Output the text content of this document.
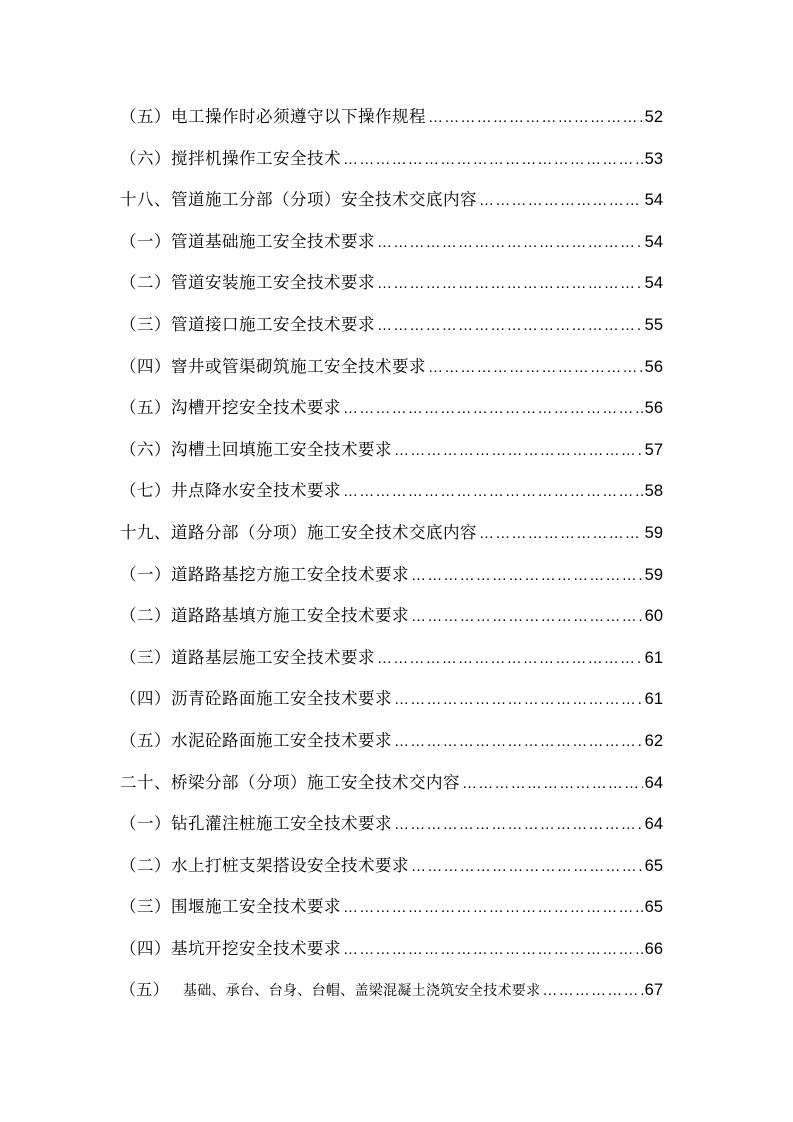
（五）电工操作时必须遵守以下操作规程 ………………………………………………………………………………………………………………	52
（六）搅拌机操作工安全技术 ………………………………………………………………………………………………………………	53
十八、管道施工分部（分项）安全技术交底内容 ………………………………………………………………………………………………………………	54
（一）管道基础施工安全技术要求 ………………………………………………………………………………………………………………	54
（二）管道安装施工安全技术要求 ………………………………………………………………………………………………………………	54
（三）管道接口施工安全技术要求 ………………………………………………………………………………………………………………	55
（四）窨井或管渠砌筑施工安全技术要求 ………………………………………………………………………………………………………………	56
（五）沟槽开挖安全技术要求 ………………………………………………………………………………………………………………	56
（六）沟槽土回填施工安全技术要求 ………………………………………………………………………………………………………………	57
（七）井点降水安全技术要求 ………………………………………………………………………………………………………………	58
十九、道路分部（分项）施工安全技术交底内容 ………………………………………………………………………………………………………………	59
（一）道路路基挖方施工安全技术要求 ………………………………………………………………………………………………………………	59
（二）道路路基填方施工安全技术要求 ………………………………………………………………………………………………………………	60
（三）道路基层施工安全技术要求 ………………………………………………………………………………………………………………	61
（四）沥青砼路面施工安全技术要求 ………………………………………………………………………………………………………………	61
（五）水泥砼路面施工安全技术要求 ………………………………………………………………………………………………………………	62
二十、桥梁分部（分项）施工安全技术交内容 ………………………………………………………………………………………………………………	64
（一）钻孔灌注桩施工安全技术要求 ………………………………………………………………………………………………………………	64
（二）水上打桩支架搭设安全技术要求 ………………………………………………………………………………………………………………	65
（三）围堰施工安全技术要求 ………………………………………………………………………………………………………………	65
（四）基坑开挖安全技术要求 ………………………………………………………………………………………………………………	66
（五） 基础、承台、台身、台帽、盖梁混凝土浇筑安全技术要求 ………………………………………………………………………………………………………………	67
